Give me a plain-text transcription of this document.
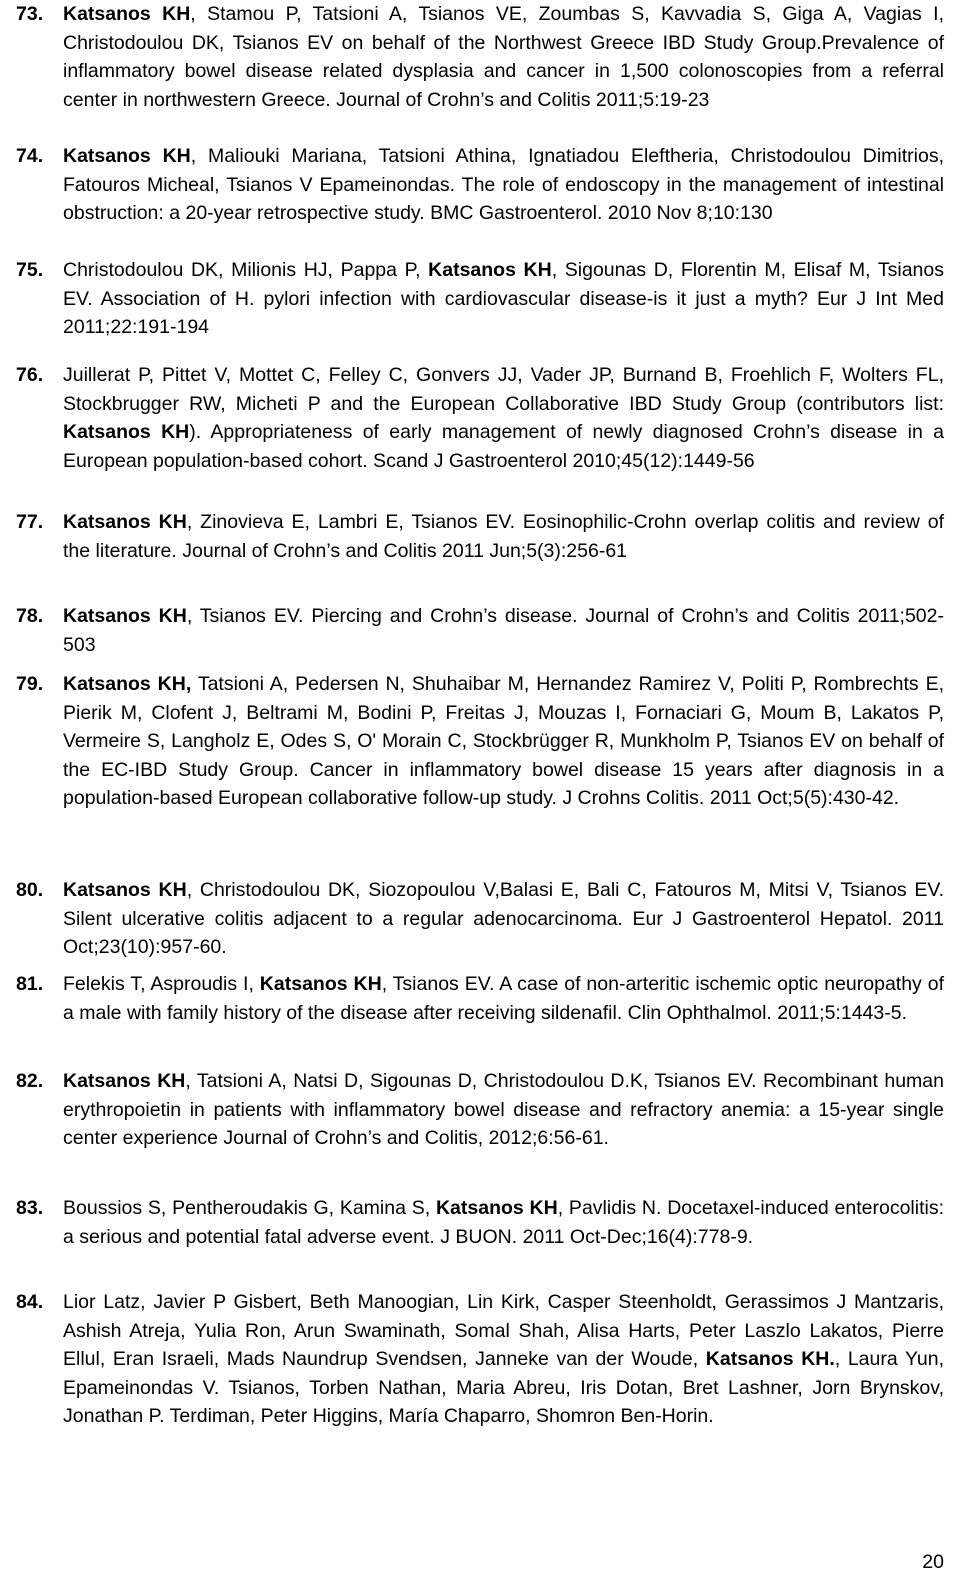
73. Katsanos KH, Stamou P, Tatsioni A, Tsianos VE, Zoumbas S, Kavvadia S, Giga A, Vagias I, Christodoulou DK, Tsianos EV on behalf of the Northwest Greece IBD Study Group.Prevalence of inflammatory bowel disease related dysplasia and cancer in 1,500 colonoscopies from a referral center in northwestern Greece. Journal of Crohn’s and Colitis 2011;5:19-23
74. Katsanos KH, Maliouki Mariana, Tatsioni Athina, Ignatiadou Eleftheria, Christodoulou Dimitrios, Fatouros Micheal, Tsianos V Epameinondas. The role of endoscopy in the management of intestinal obstruction: a 20-year retrospective study. BMC Gastroenterol. 2010 Nov 8;10:130
75. Christodoulou DK, Milionis HJ, Pappa P, Katsanos KH, Sigounas D, Florentin M, Elisaf M, Tsianos EV. Association of H. pylori infection with cardiovascular disease-is it just a myth? Eur J Int Med 2011;22:191-194
76. Juillerat P, Pittet V, Mottet C, Felley C, Gonvers JJ, Vader JP, Burnand B, Froehlich F, Wolters FL, Stockbrugger RW, Micheti P and the European Collaborative IBD Study Group (contributors list: Katsanos KH). Appropriateness of early management of newly diagnosed Crohn’s disease in a European population-based cohort. Scand J Gastroenterol 2010;45(12):1449-56
77. Katsanos KH, Zinovieva E, Lambri E, Tsianos EV. Eosinophilic-Crohn overlap colitis and review of the literature. Journal of Crohn’s and Colitis 2011 Jun;5(3):256-61
78. Katsanos KH, Tsianos EV. Piercing and Crohn’s disease. Journal of Crohn’s and Colitis 2011;502-503
79. Katsanos KH, Tatsioni A, Pedersen N, Shuhaibar M, Hernandez Ramirez V, Politi P, Rombrechts E, Pierik M, Clofent J, Beltrami M, Bodini P, Freitas J, Mouzas I, Fornaciari G, Moum B, Lakatos P, Vermeire S, Langholz E, Odes S, O' Morain C, Stockbrügger R, Munkholm P, Tsianos EV on behalf of the EC-IBD Study Group. Cancer in inflammatory bowel disease 15 years after diagnosis in a population-based European collaborative follow-up study. J Crohns Colitis. 2011 Oct;5(5):430-42.
80. Katsanos KH, Christodoulou DK, Siozopoulou V,Balasi E, Bali C, Fatouros M, Mitsi V, Tsianos EV. Silent ulcerative colitis adjacent to a regular adenocarcinoma. Eur J Gastroenterol Hepatol. 2011 Oct;23(10):957-60.
81. Felekis T, Asproudis I, Katsanos KH, Tsianos EV. A case of non-arteritic ischemic optic neuropathy of a male with family history of the disease after receiving sildenafil. Clin Ophthalmol. 2011;5:1443-5.
82. Katsanos KH, Tatsioni A, Natsi D, Sigounas D, Christodoulou D.K, Tsianos EV. Recombinant human erythropoietin in patients with inflammatory bowel disease and refractory anemia: a 15-year single center experience Journal of Crohn’s and Colitis, 2012;6:56-61.
83. Boussios S, Pentheroudakis G, Kamina S, Katsanos KH, Pavlidis N. Docetaxel-induced enterocolitis: a serious and potential fatal adverse event. J BUON. 2011 Oct-Dec;16(4):778-9.
84. Lior Latz, Javier P Gisbert, Beth Manoogian, Lin Kirk, Casper Steenholdt, Gerassimos J Mantzaris, Ashish Atreja, Yulia Ron, Arun Swaminath, Somal Shah, Alisa Harts, Peter Laszlo Lakatos, Pierre Ellul, Eran Israeli, Mads Naundrup Svendsen, Janneke van der Woude, Katsanos KH., Laura Yun, Epameinondas V. Tsianos, Torben Nathan, Maria Abreu, Iris Dotan, Bret Lashner, Jorn Brynskov, Jonathan P. Terdiman, Peter Higgins, María Chaparro, Shomron Ben-Horin.
20
